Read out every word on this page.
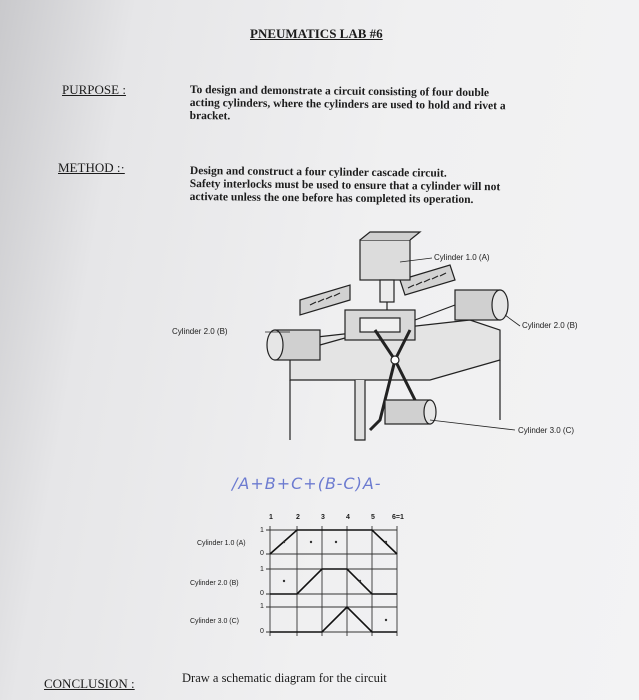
PNEUMATICS LAB #6
PURPOSE :	To design and demonstrate a circuit consisting of four double
acting cylinders, where the cylinders are used to hold and rivet a
bracket.
METHOD :·	Design and construct a four cylinder cascade circuit.
Safety interlocks must be used to ensure that a cylinder will not
activate unless the one before has completed its operation.
Cylinder 1.0 (A)
Cylinder 2.0 (B)
Cylinder 2.0 (B)
Cylinder 3.0 (C)
/A+B+C+(B-C)A-
1	2	3	4	5 6=1
Cylinder 1.0 (A)
Cylinder 2.0 (B)
Cylinder 3.0 (C)
1
0
1
0
1
0
CONCLUSION :	Draw a schematic diagram for the circuit
